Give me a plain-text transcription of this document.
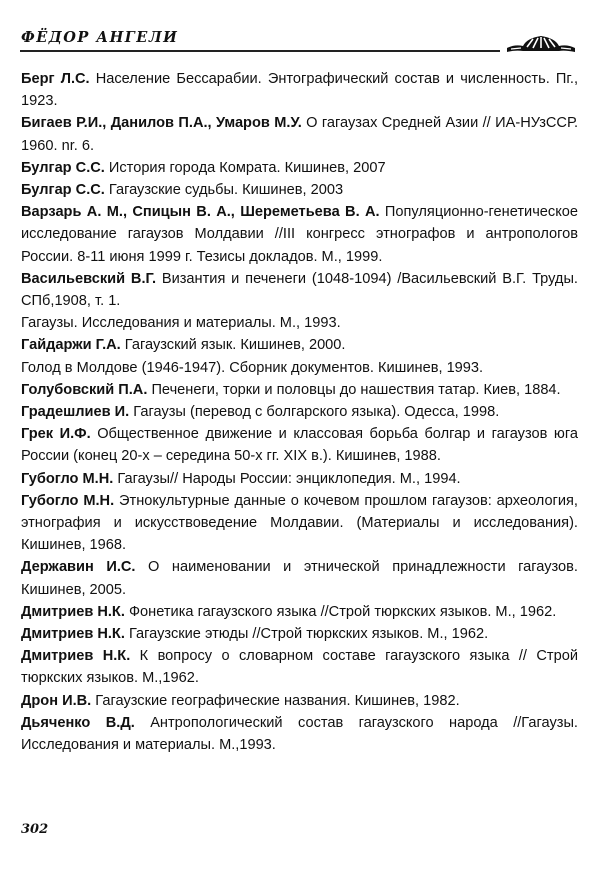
ФЁДОР АНГЕЛИ

Берг Л.С. Население Бессарабии. Энтографический состав и численность. Пг., 1923.

Бигаев Р.И., Данилов П.А., Умаров М.У. О гагаузах Средней Азии // ИА-НУзССР. 1960. nr. 6.

Булгар С.С. История города Комрата. Кишинев, 2007

Булгар С.С. Гагаузские судьбы. Кишинев, 2003

Варзарь А. М., Спицын В. А., Шереметьева В. А. Популяционно-генетическое исследование гагаузов Молдавии //III конгресс этнографов и антропологов России. 8-11 июня 1999 г. Тезисы докладов. М., 1999.

Васильевский В.Г. Византия и печенеги (1048-1094) /Васильевский В.Г. Труды. СПб,1908, т. 1.

Гагаузы. Исследования и материалы. М., 1993.

Гайдаржи Г.А. Гагаузский язык. Кишинев, 2000.

Голод в Молдове (1946-1947). Сборник документов. Кишинев, 1993.

Голубовский П.А. Печенеги, торки и половцы до нашествия татар. Киев, 1884.

Градешлиев И. Гагаузы (перевод с болгарского языка). Одесса, 1998.

Грек И.Ф. Общественное движение и классовая борьба болгар и гагаузов юга России (конец 20-х – середина 50-х гг. XIX в.). Кишинев, 1988.

Губогло М.Н. Гагаузы// Народы России: энциклопедия. М., 1994.

Губогло М.Н. Этнокультурные данные о кочевом прошлом гагаузов: археология, этнография и искусствоведение Молдавии. (Материалы и исследования). Кишинев, 1968.

Державин И.С. О наименовании и этнической принадлежности гагаузов. Кишинев, 2005.

Дмитриев Н.К. Фонетика гагаузского языка //Строй тюркских языков. М., 1962.

Дмитриев Н.К. Гагаузские этюды //Строй тюркских языков. М., 1962.

Дмитриев Н.К. К вопросу о словарном составе гагаузского языка // Строй тюркских языков. М.,1962.

Дрон И.В. Гагаузские географические названия. Кишинев, 1982.

Дьяченко В.Д. Антропологический состав гагаузского народа //Гагаузы. Исследования и материалы. М.,1993.

302
